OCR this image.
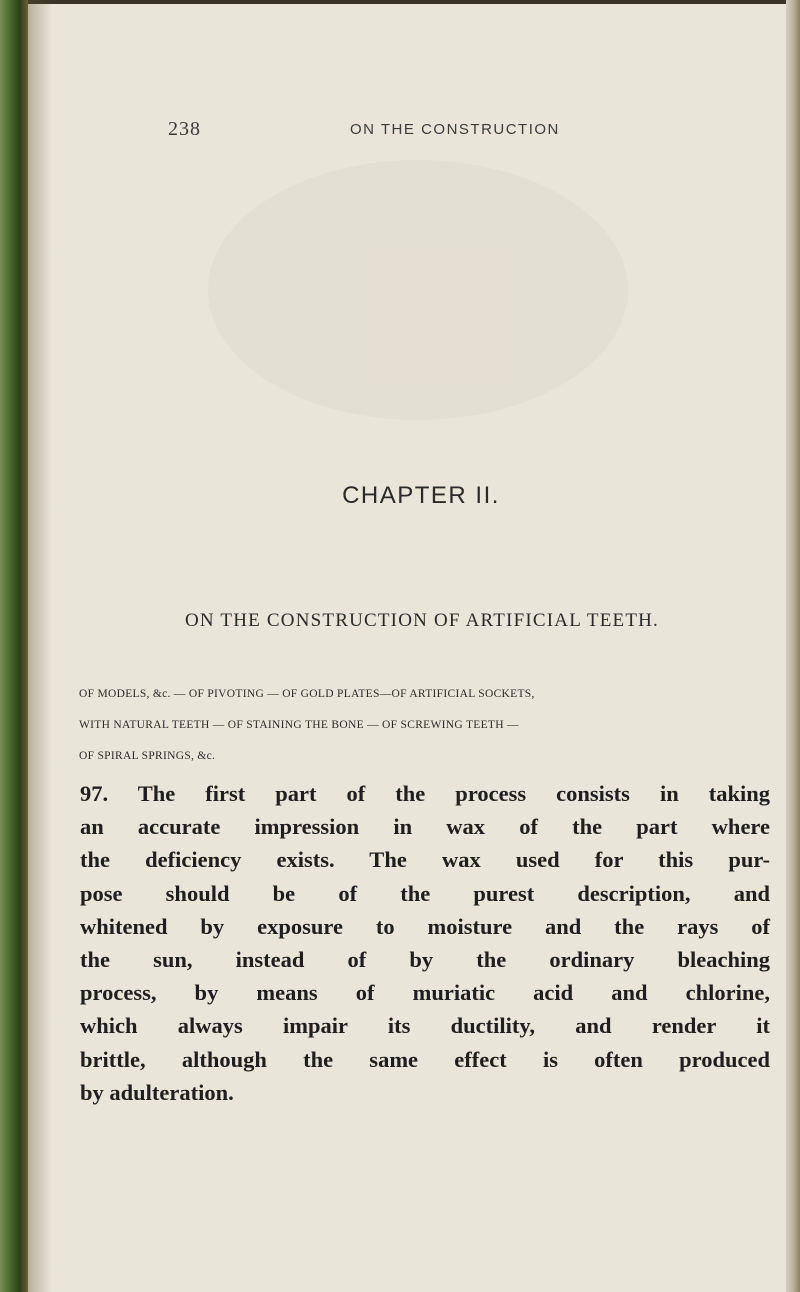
238	ON THE CONSTRUCTION
CHAPTER II.
ON THE CONSTRUCTION OF ARTIFICIAL TEETH.
OF MODELS, &c. — OF PIVOTING — OF GOLD PLATES—OF ARTIFICIAL SOCKETS,
WITH NATURAL TEETH — OF STAINING THE BONE — OF SCREWING TEETH —
OF SPIRAL SPRINGS, &c.
97. The first part of the process consists in taking
an accurate impression in wax of the part where
the deficiency exists. The wax used for this pur-
pose should be of the purest description, and
whitened by exposure to moisture and the rays of
the sun, instead of by the ordinary bleaching
process, by means of muriatic acid and chlorine,
which always impair its ductility, and render it
brittle, although the same effect is often produced
by adulteration.
